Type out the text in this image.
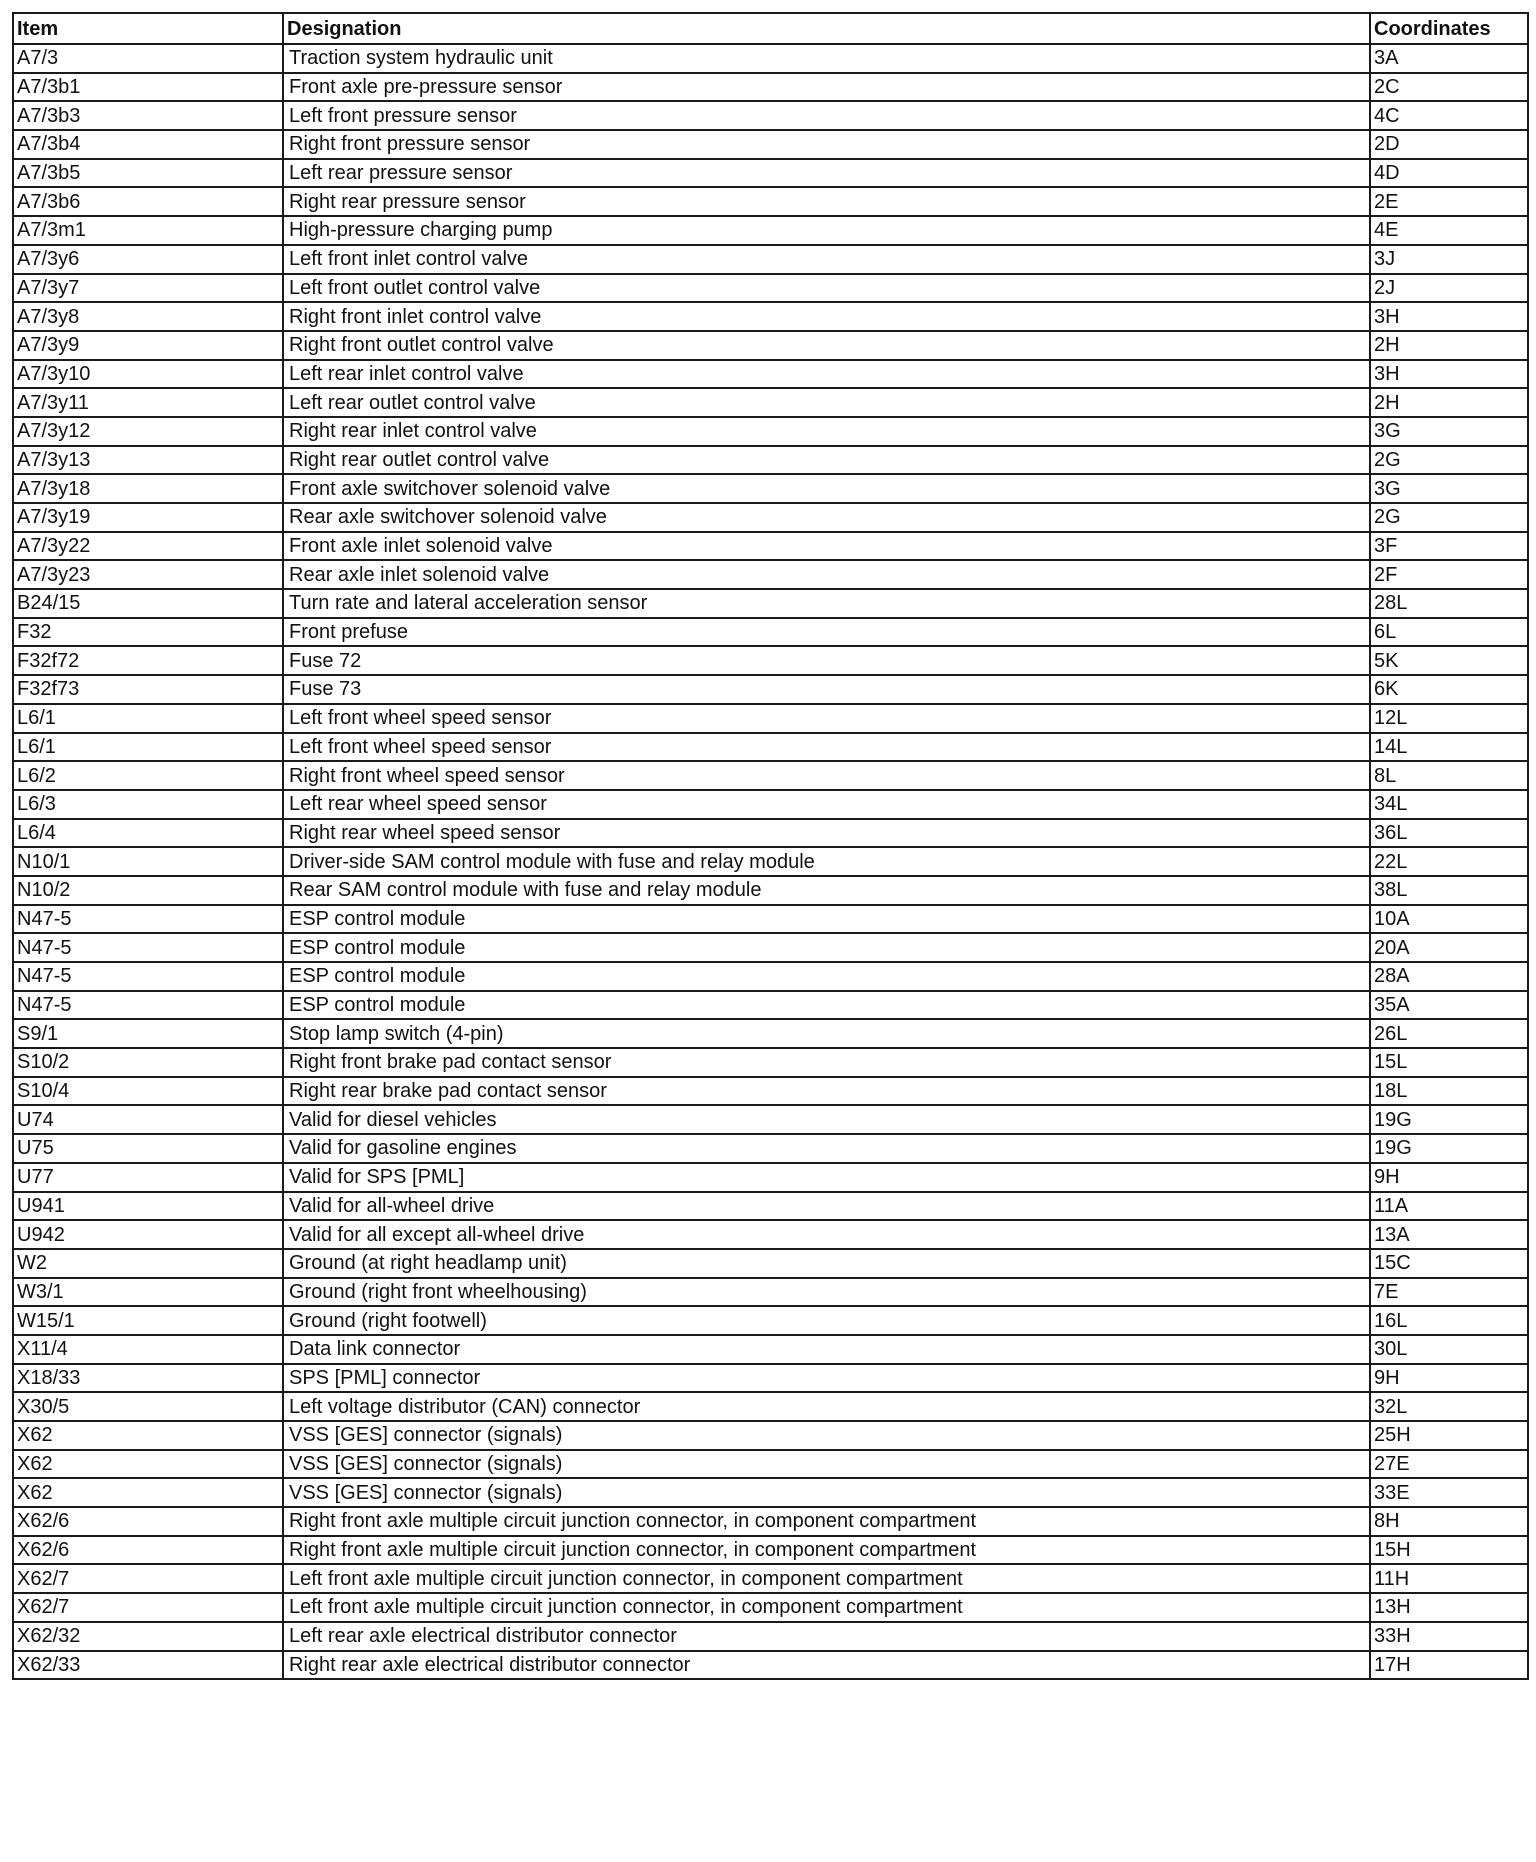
Item	Designation	Coordinates
A7/3	Traction system hydraulic unit	3A
A7/3b1	Front axle pre-pressure sensor	2C
A7/3b3	Left front pressure sensor	4C
A7/3b4	Right front pressure sensor	2D
A7/3b5	Left rear pressure sensor	4D
A7/3b6	Right rear pressure sensor	2E
A7/3m1	High-pressure charging pump	4E
A7/3y6	Left front inlet control valve	3J
A7/3y7	Left front outlet control valve	2J
A7/3y8	Right front inlet control valve	3H
A7/3y9	Right front outlet control valve	2H
A7/3y10	Left rear inlet control valve	3H
A7/3y11	Left rear outlet control valve	2H
A7/3y12	Right rear inlet control valve	3G
A7/3y13	Right rear outlet control valve	2G
A7/3y18	Front axle switchover solenoid valve	3G
A7/3y19	Rear axle switchover solenoid valve	2G
A7/3y22	Front axle inlet solenoid valve	3F
A7/3y23	Rear axle inlet solenoid valve	2F
B24/15	Turn rate and lateral acceleration sensor	28L
F32	Front prefuse	6L
F32f72	Fuse 72	5K
F32f73	Fuse 73	6K
L6/1	Left front wheel speed sensor	12L
L6/1	Left front wheel speed sensor	14L
L6/2	Right front wheel speed sensor	8L
L6/3	Left rear wheel speed sensor	34L
L6/4	Right rear wheel speed sensor	36L
N10/1	Driver-side SAM control module with fuse and relay module	22L
N10/2	Rear SAM control module with fuse and relay module	38L
N47-5	ESP control module	10A
N47-5	ESP control module	20A
N47-5	ESP control module	28A
N47-5	ESP control module	35A
S9/1	Stop lamp switch (4-pin)	26L
S10/2	Right front brake pad contact sensor	15L
S10/4	Right rear brake pad contact sensor	18L
U74	Valid for diesel vehicles	19G
U75	Valid for gasoline engines	19G
U77	Valid for SPS [PML]	9H
U941	Valid for all-wheel drive	11A
U942	Valid for all except all-wheel drive	13A
W2	Ground (at right headlamp unit)	15C
W3/1	Ground (right front wheelhousing)	7E
W15/1	Ground (right footwell)	16L
X11/4	Data link connector	30L
X18/33	SPS [PML] connector	9H
X30/5	Left voltage distributor (CAN) connector	32L
X62	VSS [GES] connector (signals)	25H
X62	VSS [GES] connector (signals)	27E
X62	VSS [GES] connector (signals)	33E
X62/6	Right front axle multiple circuit junction connector, in component compartment	8H
X62/6	Right front axle multiple circuit junction connector, in component compartment	15H
X62/7	Left front axle multiple circuit junction connector, in component compartment	11H
X62/7	Left front axle multiple circuit junction connector, in component compartment	13H
X62/32	Left rear axle electrical distributor connector	33H
X62/33	Right rear axle electrical distributor connector	17H
